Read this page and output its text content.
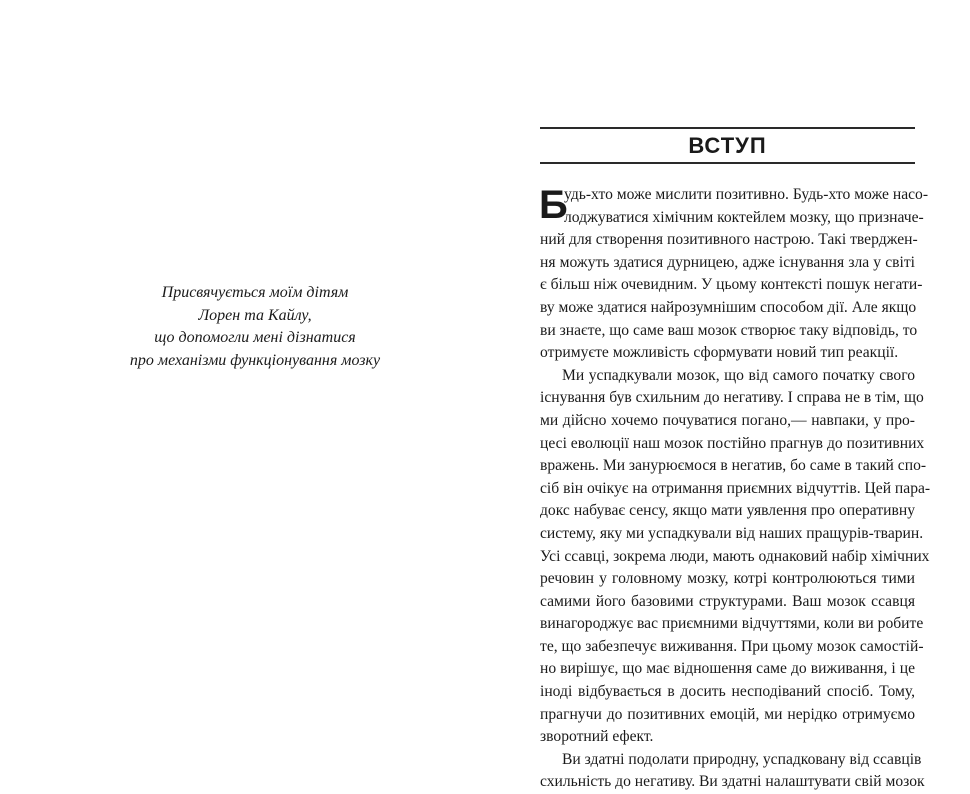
Присвячується моїм дітям
Лорен та Кайлу,
що допомогли мені дізнатися
про механізми функціонування мозку
ВСТУП
Б
удь-хто може мислити позитивно. Будь-хто може насо-
лоджуватися хімічним коктейлем мозку, що призначе-
ний для створення позитивного настрою. Такі тверджен-
ня можуть здатися дурницею, адже існування зла у світі
є більш ніж очевидним. У цьому контексті пошук негати-
ву може здатися найрозумнішим способом дії. Але якщо
ви знаєте, що саме ваш мозок створює таку відповідь, то
отримуєте можливість сформувати новий тип реакції.
Ми успадкували мозок, що від самого початку свого
існування був схильним до негативу. І справа не в тім, що
ми дійсно хочемо почуватися погано,— навпаки, у про-
цесі еволюції наш мозок постійно прагнув до позитивних
вражень. Ми занурюємося в негатив, бо саме в такий спо-
сіб він очікує на отримання приємних відчуттів. Цей пара-
докс набуває сенсу, якщо мати уявлення про оперативну
систему, яку ми успадкували від наших пращурів-тварин.
Усі ссавці, зокрема люди, мають однаковий набір хімічних
речовин у головному мозку, котрі контролюються тими
самими його базовими структурами. Ваш мозок ссавця
винагороджує вас приємними відчуттями, коли ви робите
те, що забезпечує виживання. При цьому мозок самостій-
но вирішує, що має відношення саме до виживання, і це
іноді відбувається в досить несподіваний спосіб. Тому,
прагнучи до позитивних емоцій, ми нерідко отримуємо
зворотний ефект.
Ви здатні подолати природну, успадковану від ссавців
схильність до негативу. Ви здатні налаштувати свій мозок
